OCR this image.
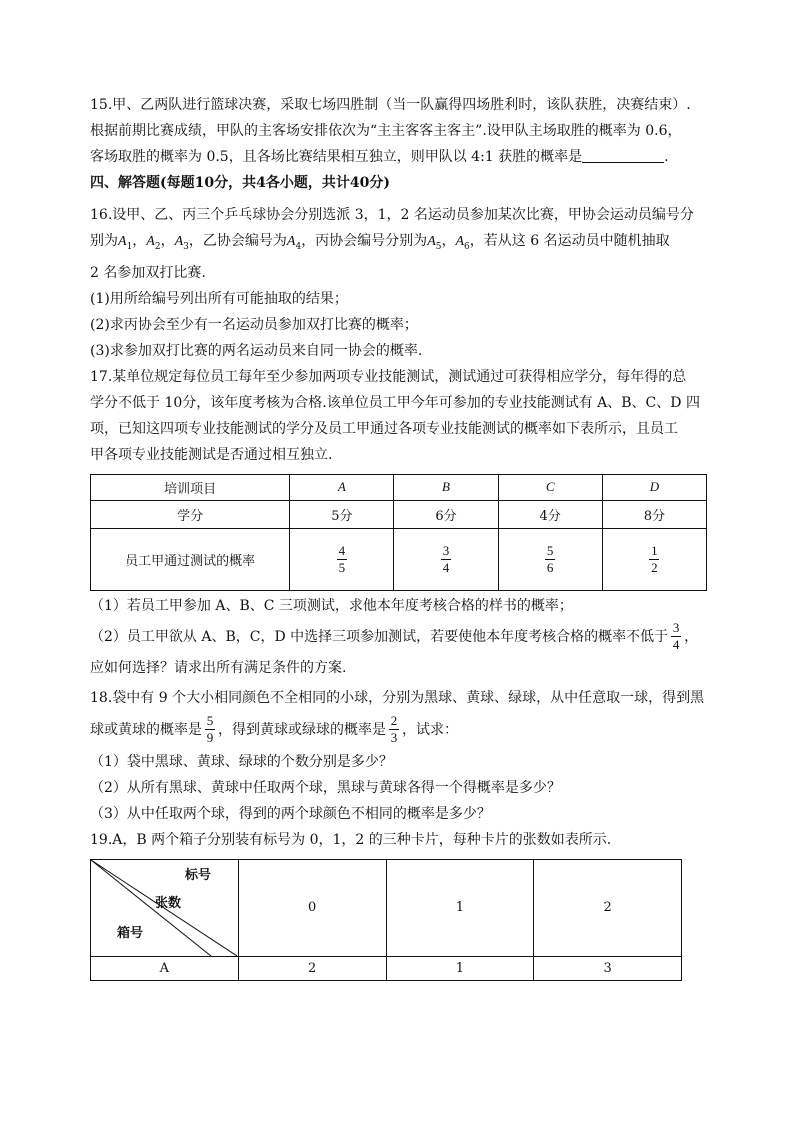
15.甲、乙两队进行篮球决赛，采取七场四胜制（当一队赢得四场胜利时，该队获胜，决赛结束）.
根据前期比赛成绩，甲队的主客场安排依次为“主主客客主客主”.设甲队主场取胜的概率为 0.6，
客场取胜的概率为 0.5，且各场比赛结果相互独立，则甲队以 4:1 获胜的概率是	.
四、解答题(每题10分，共4各小题，共计40分)
16.设甲、乙、丙三个乒乓球协会分别选派 3，1，2 名运动员参加某次比赛，甲协会运动员编号分
别为$A_1$，$A_2$，$A_3$，乙协会编号为$A_4$，丙协会编号分别为$A_5$，$A_6$，若从这 6 名运动员中随机抽取
2 名参加双打比赛.
(1)用所给编号列出所有可能抽取的结果；
(2)求丙协会至少有一名运动员参加双打比赛的概率；
(3)求参加双打比赛的两名运动员来自同一协会的概率.
17.某单位规定每位员工每年至少参加两项专业技能测试，测试通过可获得相应学分，每年得的总
学分不低于 10分，该年度考核为合格.该单位员工甲今年可参加的专业技能测试有 A、B、C、D 四
项，已知这四项专业技能测试的学分及员工甲通过各项专业技能测试的概率如下表所示，且员工
甲各项专业技能测试是否通过相互独立.
培训项目	A	B	C	D
学分	5分	6分	4分	8分
员工甲通过测试的概率	$\frac{4}{5}$	$\frac{3}{4}$	$\frac{5}{6}$	$\frac{1}{2}$
（1）若员工甲参加 A、B、C 三项测试，求他本年度考核合格的样书的概率；
（2）员工甲欲从 A、B，C，D 中选择三项参加测试，若要使他本年度考核合格的概率不低于 $\frac{3}{4}$ ，
应如何选择？请求出所有满足条件的方案.
18.袋中有 9 个大小相同颜色不全相同的小球，分别为黑球、黄球、绿球，从中任意取一球，得到黑
球或黄球的概率是 $\frac{5}{9}$ ，得到黄球或绿球的概率是 $\frac{2}{3}$ ，试求：
（1）袋中黑球、黄球、绿球的个数分别是多少？
（2）从所有黑球、黄球中任取两个球，黑球与黄球各得一个得概率是多少？
（3）从中任取两个球，得到的两个球颜色不相同的概率是多少？
19.A，B 两个箱子分别装有标号为 0，1，2 的三种卡片，每种卡片的张数如表所示.
标号
张数
箱号	0	1	2
A	2	1	3
